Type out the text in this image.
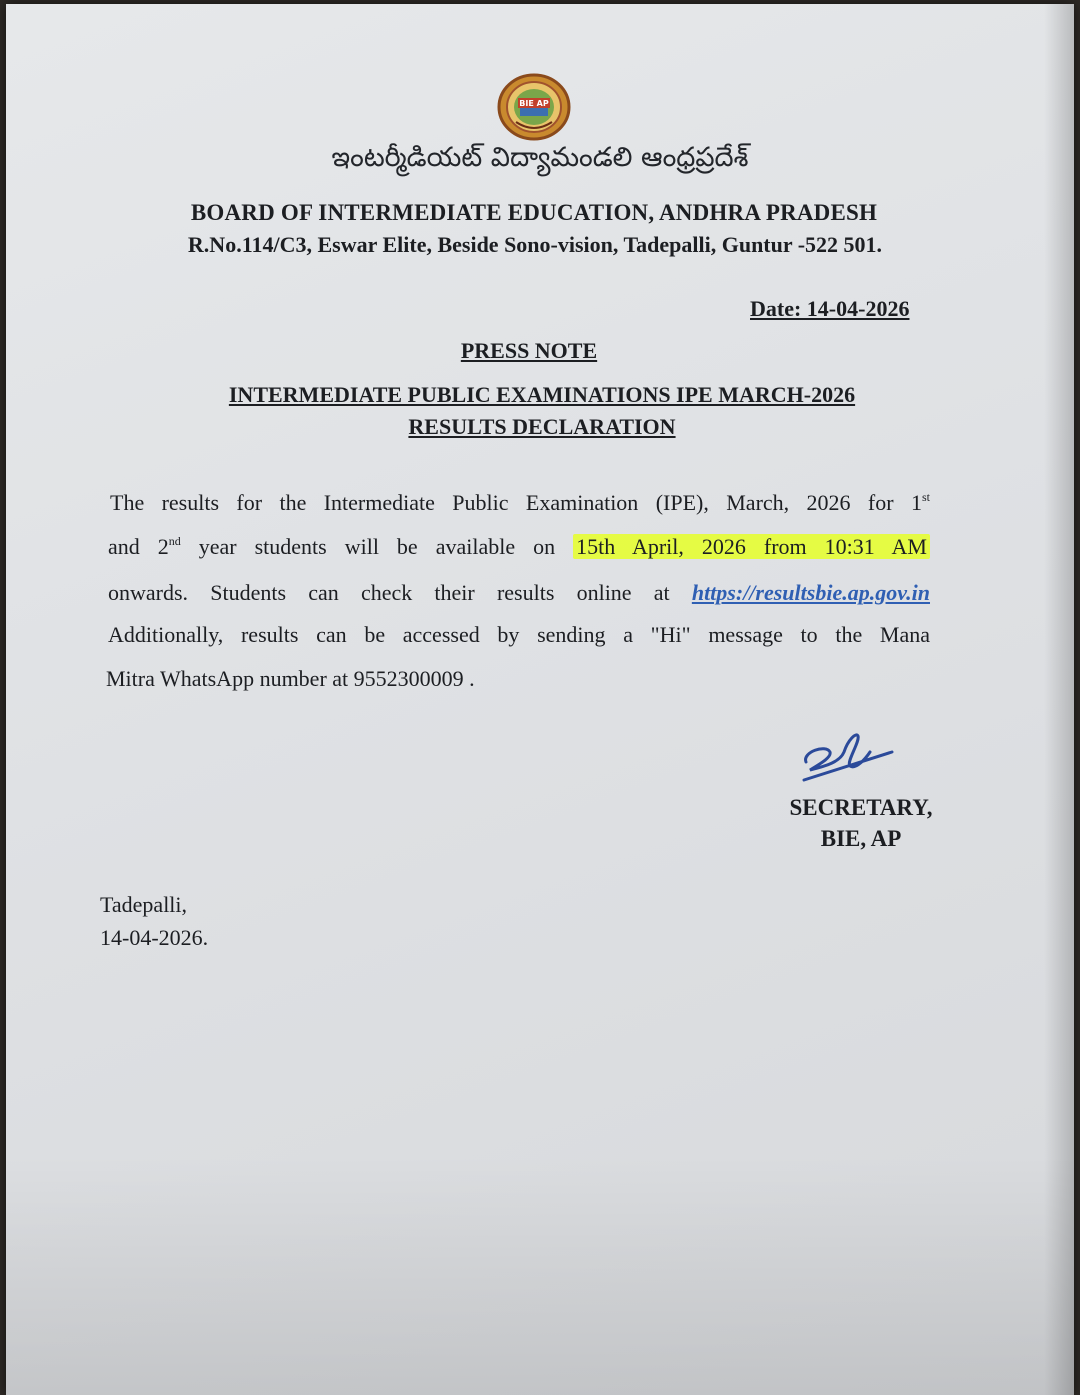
BIE AP
ఇంటర్మీడియట్ విద్యామండలి ఆంధ్రప్రదేశ్
BOARD OF INTERMEDIATE EDUCATION, ANDHRA PRADESH
R.No.114/C3, Eswar Elite, Beside Sono-vision, Tadepalli, Guntur -522 501.
Date: 14-04-2026
PRESS NOTE
INTERMEDIATE PUBLIC EXAMINATIONS IPE MARCH-2026
RESULTS DECLARATION
The results for the Intermediate Public Examination (IPE), March, 2026 for 1st
and 2nd year students will be available on 15th April, 2026 from 10:31 AM
onwards. Students can check their results online at https://resultsbie.ap.gov.in
Additionally, results can be accessed by sending a "Hi" message to the Mana
Mitra WhatsApp number at 9552300009 .
SECRETARY,
BIE, AP
Tadepalli,
14-04-2026.
